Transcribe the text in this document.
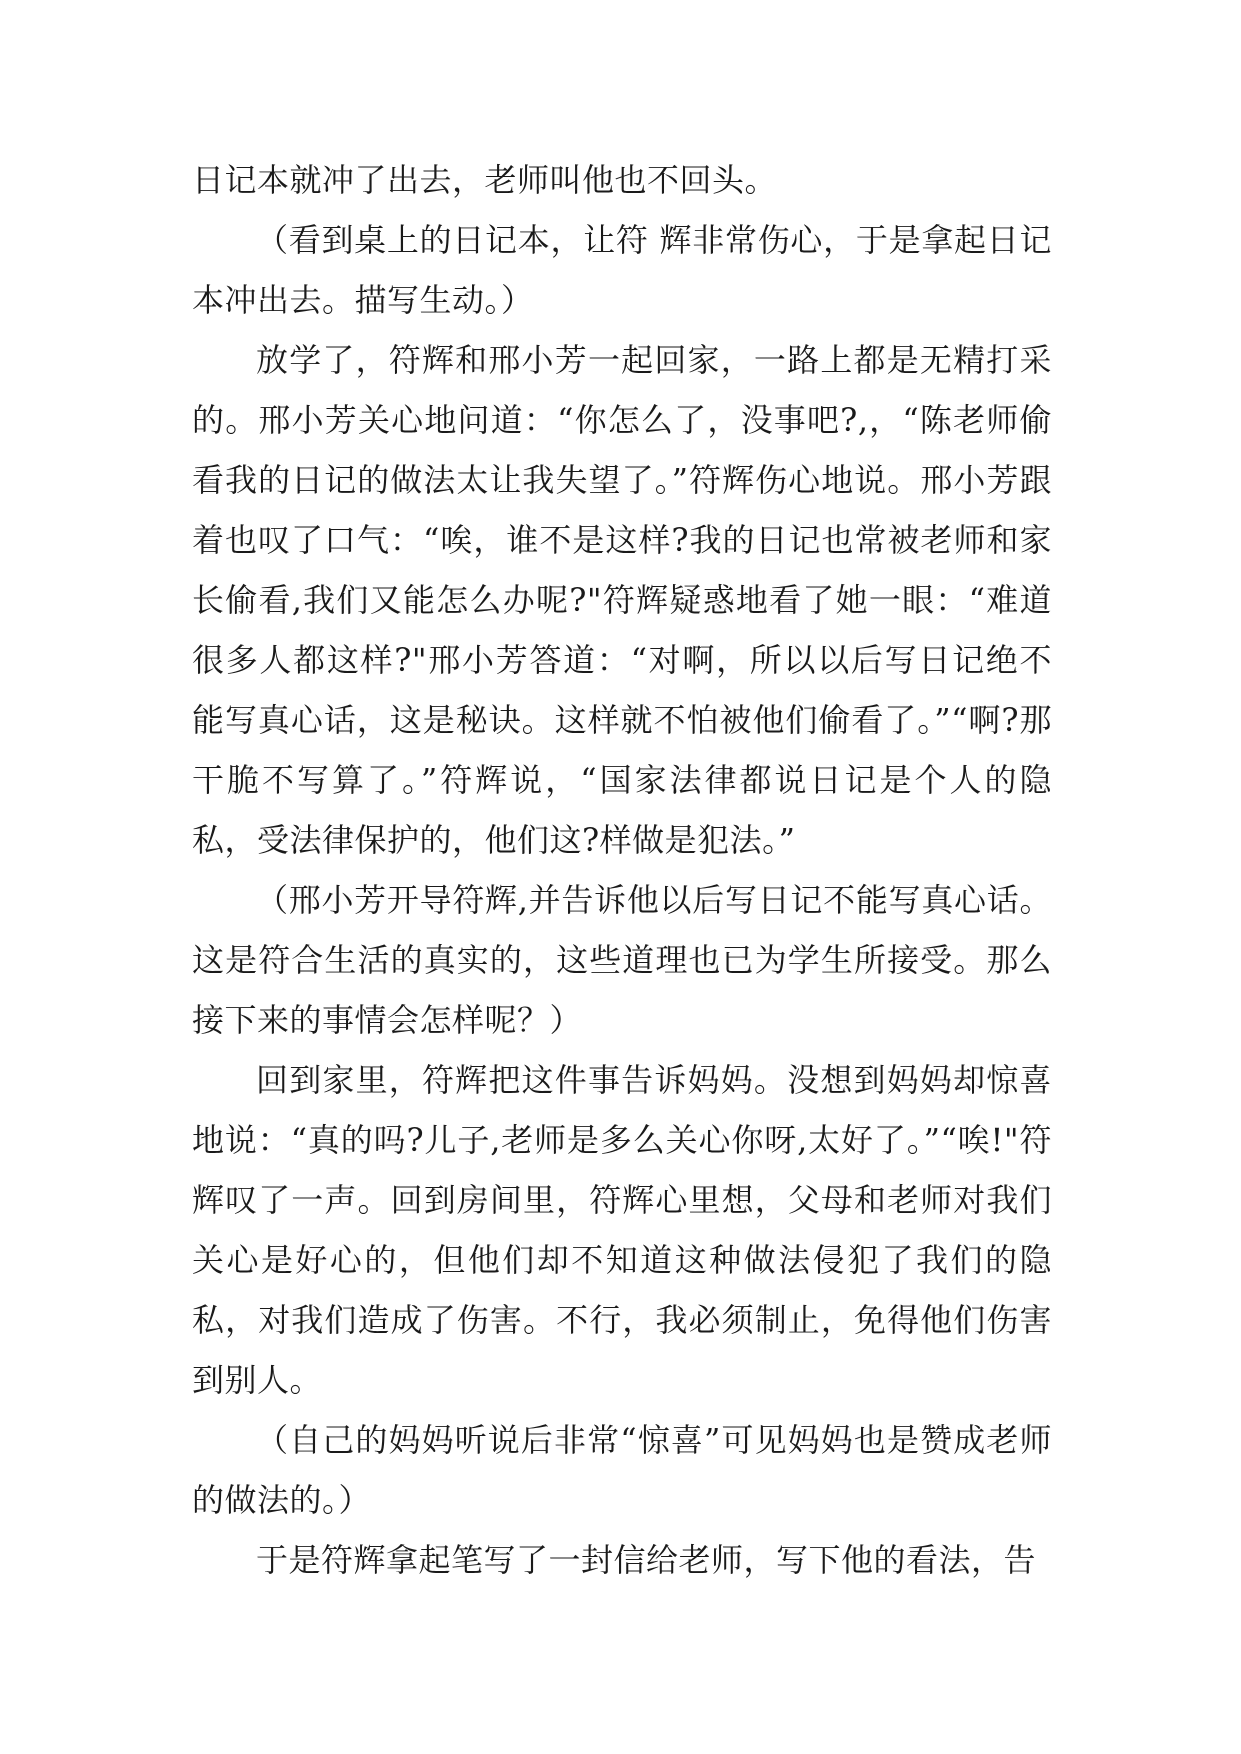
日记本就冲了出去，老师叫他也不回头。

（看到桌上的日记本，让符 辉非常伤心，于是拿起日记本冲出去。描写生动。）

放学了，符辉和邢小芳一起回家，一路上都是无精打采的。邢小芳关心地问道：“你怎么了，没事吧?,，“陈老师偷看我的日记的做法太让我失望了。”符辉伤心地说。邢小芳跟着也叹了口气：“唉，谁不是这样?我的日记也常被老师和家长偷看,我们又能怎么办呢?"符辉疑惑地看了她一眼：“难道很多人都这样?"邢小芳答道：“对啊，所以以后写日记绝不能写真心话，这是秘诀。这样就不怕被他们偷看了。”“啊?那干脆不写算了。”符辉说，“国家法律都说日记是个人的隐私，受法律保护的，他们这?样做是犯法。”

（邢小芳开导符辉,并告诉他以后写日记不能写真心话。这是符合生活的真实的，这些道理也已为学生所接受。那么接下来的事情会怎样呢？）

回到家里，符辉把这件事告诉妈妈。没想到妈妈却惊喜地说：“真的吗?儿子,老师是多么关心你呀,太好了。”“唉!"符辉叹了一声。回到房间里，符辉心里想，父母和老师对我们关心是好心的，但他们却不知道这种做法侵犯了我们的隐私，对我们造成了伤害。不行，我必须制止，免得他们伤害到别人。

（自己的妈妈听说后非常“惊喜”可见妈妈也是赞成老师的做法的。）

于是符辉拿起笔写了一封信给老师，写下他的看法，告
